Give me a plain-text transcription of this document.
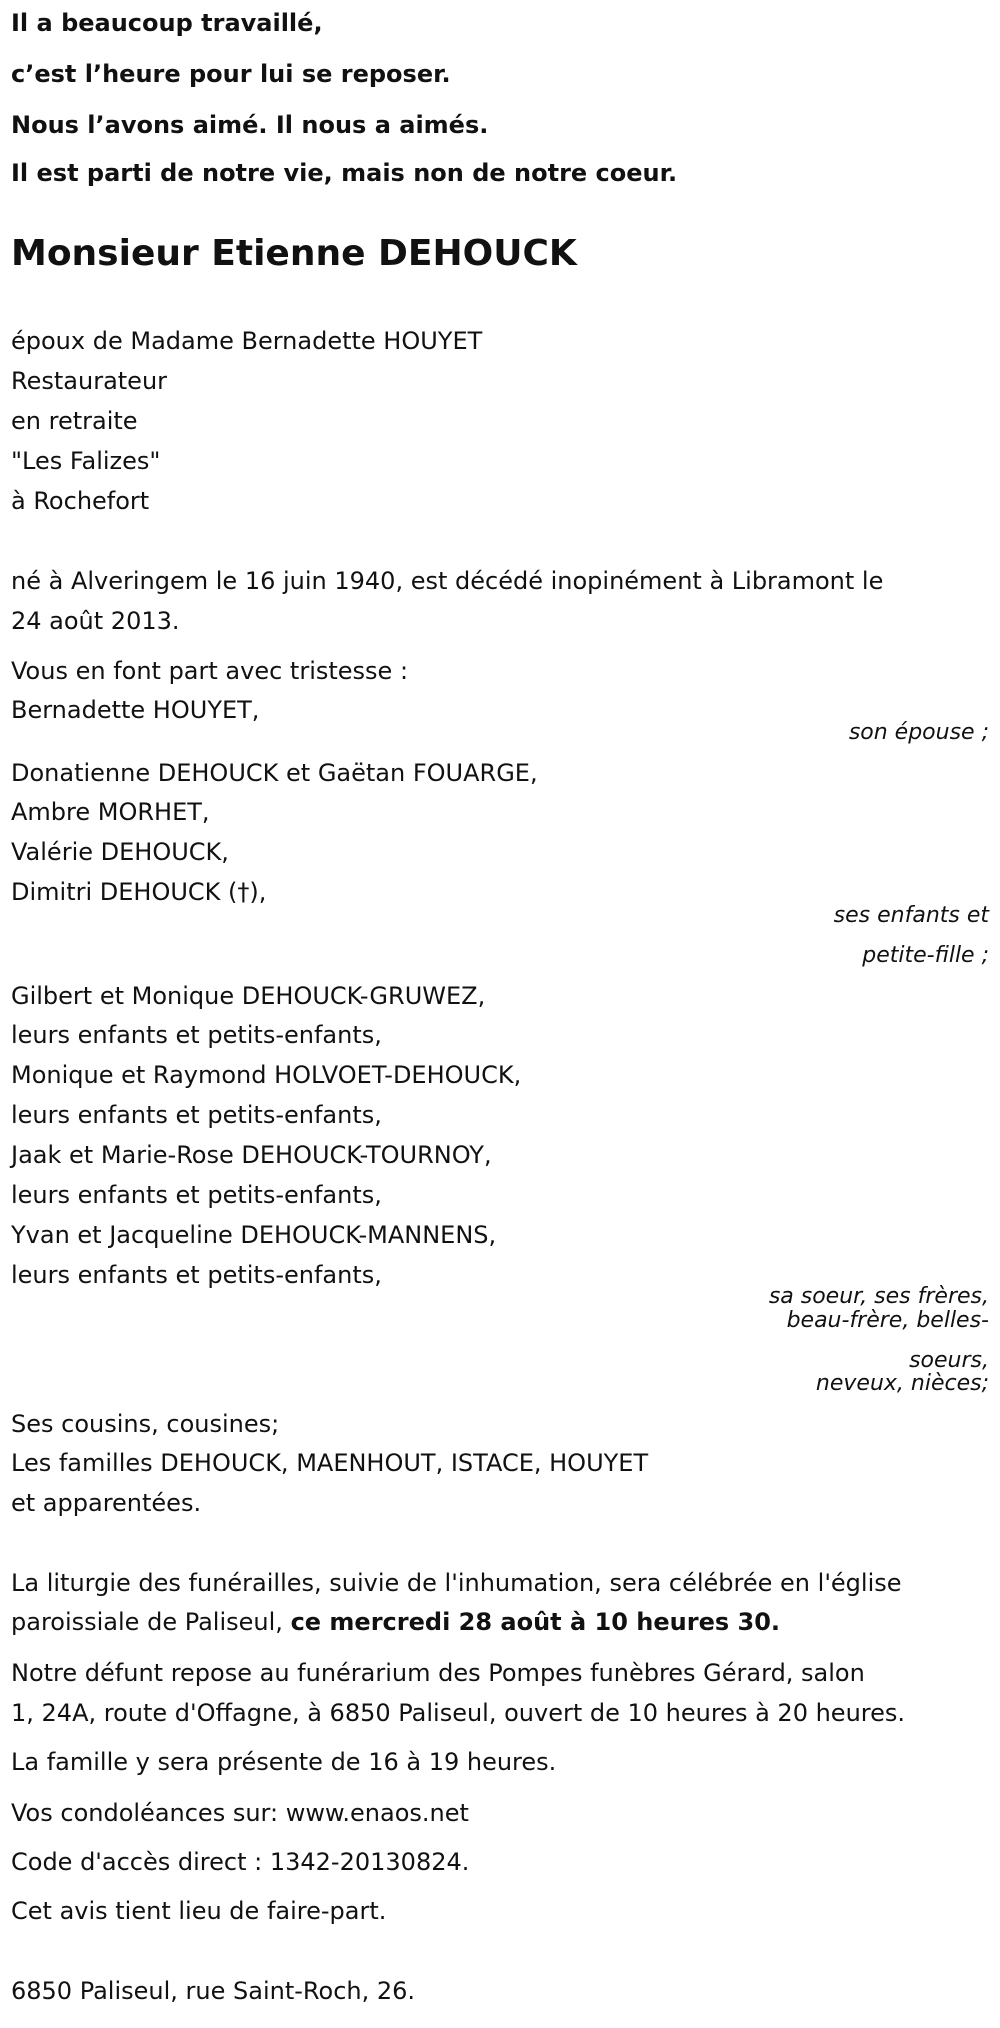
Il a beaucoup travaillé,
c’est l’heure pour lui se reposer.
Nous l’avons aimé. Il nous a aimés.
Il est parti de notre vie, mais non de notre coeur.
Monsieur Etienne DEHOUCK
époux de Madame Bernadette HOUYET
Restaurateur
en retraite
"Les Falizes"
à Rochefort
né à Alveringem le 16 juin 1940, est décédé inopinément à Libramont le
24 août 2013.
Vous en font part avec tristesse :
Bernadette HOUYET,
son épouse ;
Donatienne DEHOUCK et Gaëtan FOUARGE,
Ambre MORHET,
Valérie DEHOUCK,
Dimitri DEHOUCK (†),
ses enfants et
petite-fille ;
Gilbert et Monique DEHOUCK-GRUWEZ,
leurs enfants et petits-enfants,
Monique et Raymond HOLVOET-DEHOUCK,
leurs enfants et petits-enfants,
Jaak et Marie-Rose DEHOUCK-TOURNOY,
leurs enfants et petits-enfants,
Yvan et Jacqueline DEHOUCK-MANNENS,
leurs enfants et petits-enfants,
sa soeur, ses frères,
beau-frère, belles-
soeurs,
neveux, nièces;
Ses cousins, cousines;
Les familles DEHOUCK, MAENHOUT, ISTACE, HOUYET
et apparentées.
La liturgie des funérailles, suivie de l'inhumation, sera célébrée en l'église
paroissiale de Paliseul, ce mercredi 28 août à 10 heures 30.
Notre défunt repose au funérarium des Pompes funèbres Gérard, salon
1, 24A, route d'Offagne, à 6850 Paliseul, ouvert de 10 heures à 20 heures.
La famille y sera présente de 16 à 19 heures.
Vos condoléances sur: www.enaos.net
Code d'accès direct : 1342-20130824.
Cet avis tient lieu de faire-part.
6850 Paliseul, rue Saint-Roch, 26.
